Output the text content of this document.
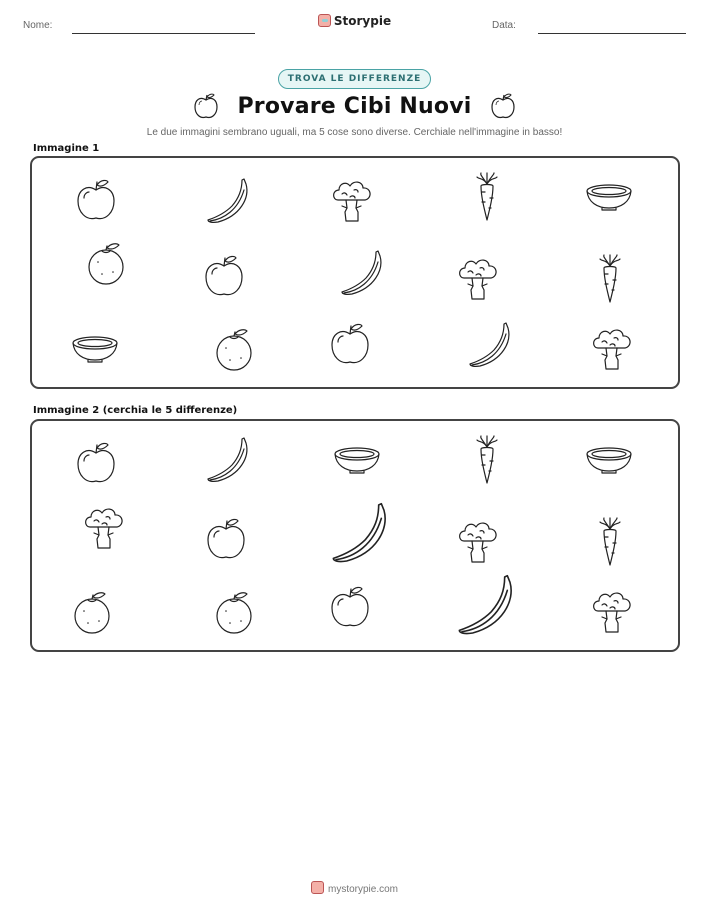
Nome:	Storypie	Data:
TROVA LE DIFFERENZE
Provare Cibi Nuovi
Le due immagini sembrano uguali, ma 5 cose sono diverse. Cerchiale nell'immagine in basso!
Immagine 1
Immagine 2 (cerchia le 5 differenze)
mystorypie.com
